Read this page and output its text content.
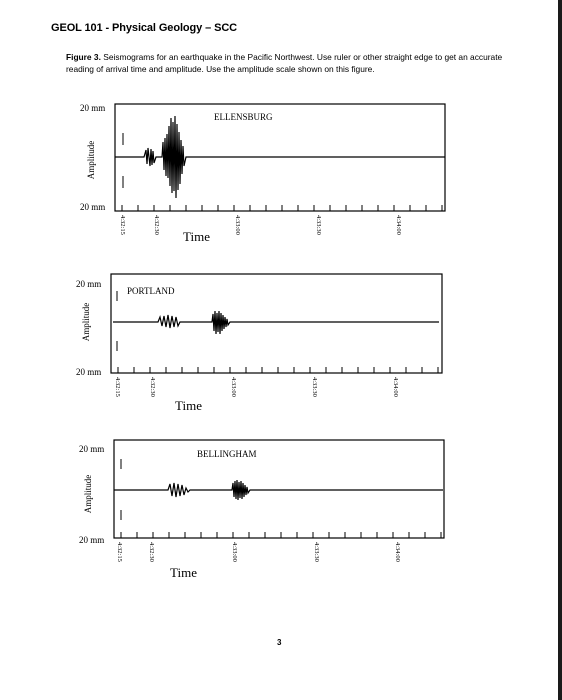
GEOL 101 - Physical Geology – SCC
Figure 3. Seismograms for an earthquake in the Pacific Northwest. Use ruler or other straight edge to get an accurate reading of arrival time and amplitude. Use the amplitude scale shown on this figure.
20 mm
20 mm
Amplitude
ELLENSBURG
4:32:15	4:32:30	4:33:00	4:33:30	4:34:00
Time
20 mm
20 mm
Amplitude
PORTLAND
4:32:15	4:32:30	4:33:00	4:33:30	4:34:00
Time
20 mm
20 mm
Amplitude
BELLINGHAM
4:32:15	4:32:30	4:33:00	4:33:30	4:34:00
Time
3
